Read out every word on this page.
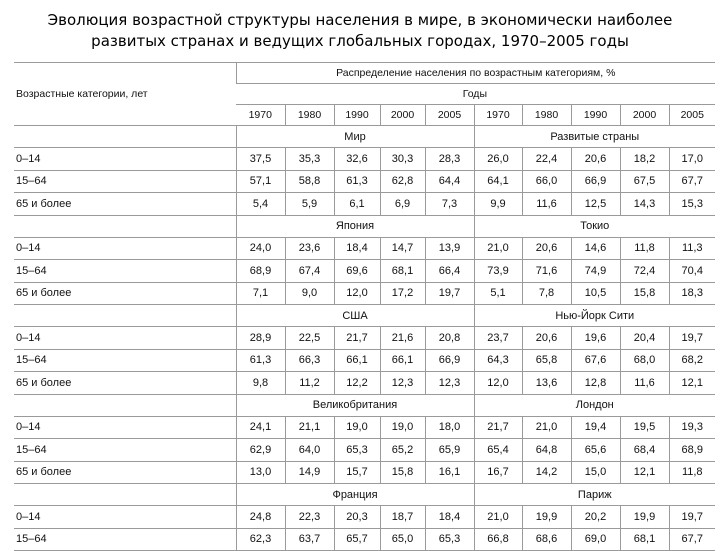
Эволюция возрастной структуры населения в мире, в экономически наиболее
развитых странах и ведущих глобальных городах, 1970–2005 годы
Возрастные категории, лет	Распределение населения по возрастным категориям, %									
	Годы									
	1970	1980	1990	2000	2005	1970	1980	1990	2000	2005
	Мир					Развитые страны				
0–14	37,5	35,3	32,6	30,3	28,3	26,0	22,4	20,6	18,2	17,0
15–64	57,1	58,8	61,3	62,8	64,4	64,1	66,0	66,9	67,5	67,7
65 и более	5,4	5,9	6,1	6,9	7,3	9,9	11,6	12,5	14,3	15,3
	Япония					Токио				
0–14	24,0	23,6	18,4	14,7	13,9	21,0	20,6	14,6	11,8	11,3
15–64	68,9	67,4	69,6	68,1	66,4	73,9	71,6	74,9	72,4	70,4
65 и более	7,1	9,0	12,0	17,2	19,7	5,1	7,8	10,5	15,8	18,3
	США					Нью-Йорк Сити				
0–14	28,9	22,5	21,7	21,6	20,8	23,7	20,6	19,6	20,4	19,7
15–64	61,3	66,3	66,1	66,1	66,9	64,3	65,8	67,6	68,0	68,2
65 и более	9,8	11,2	12,2	12,3	12,3	12,0	13,6	12,8	11,6	12,1
	Великобритания					Лондон				
0–14	24,1	21,1	19,0	19,0	18,0	21,7	21,0	19,4	19,5	19,3
15–64	62,9	64,0	65,3	65,2	65,9	65,4	64,8	65,6	68,4	68,9
65 и более	13,0	14,9	15,7	15,8	16,1	16,7	14,2	15,0	12,1	11,8
	Франция					Париж				
0–14	24,8	22,3	20,3	18,7	18,4	21,0	19,9	20,2	19,9	19,7
15–64	62,3	63,7	65,7	65,0	65,3	66,8	68,6	69,0	68,1	67,7
